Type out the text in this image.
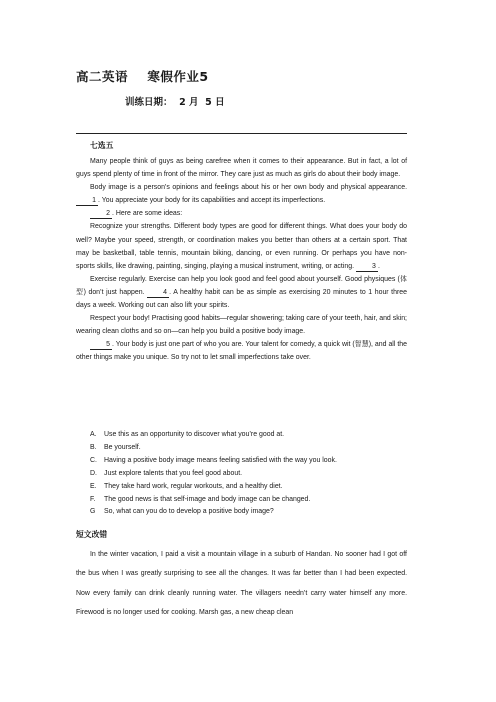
高二英语    寒假作业5
训练日期：  2 月  5 日
七选五

Many people think of guys as being carefree when it comes to their appearance. But in fact, a lot of guys spend plenty of time in front of the mirror. They care just as much as girls do about their body image.

Body image is a person’s opinions and feelings about his or her own body and physical appearance. 1 . You appreciate your body for its capabilities and accept its imperfections.

2 . Here are some ideas:

Recognize your strengths. Different body types are good for different things. What does your body do well? Maybe your speed, strength, or coordination makes you better than others at a certain sport. That may be basketball, table tennis, mountain biking, dancing, or even running. Or perhaps you have non-sports skills, like drawing, painting, singing, playing a musical instrument, writing, or acting.	3 .

Exercise regularly. Exercise can help you look good and feel good about yourself. Good physiques (体型) don’t just happen.	4 . A healthy habit can be as simple as exercising 20 minutes to 1 hour three days a week. Working out can also lift your spirits.

Respect your body! Practising good habits—regular showering; taking care of your teeth, hair, and skin; wearing clean cloths and so on—can help you build a positive body image.

5 . Your body is just one part of who you are. Your talent for comedy, a quick wit (智慧), and all the other things make you unique. So try not to let small imperfections take over.

A.	Use this as an opportunity to discover what you’re good at.
B.	Be yourself.
C.	Having a positive body image means feeling satisfied with the way you look.
D.	Just explore talents that you feel good about.
E.	They take hard work, regular workouts, and a healthy diet.
F.	The good news is that self-image and body image can be changed.
G	So, what can you do to develop a positive body image?
短文改错

In the winter vacation, I paid a visit a mountain village in a suburb of Handan. No sooner had I got off the bus when I was greatly surprising to see all the changes. It was far better than I had been expected. Now every family can drink cleanly running water. The villagers needn’t carry water himself any more. Firewood is no longer used for cooking. Marsh gas, a new cheap clean
